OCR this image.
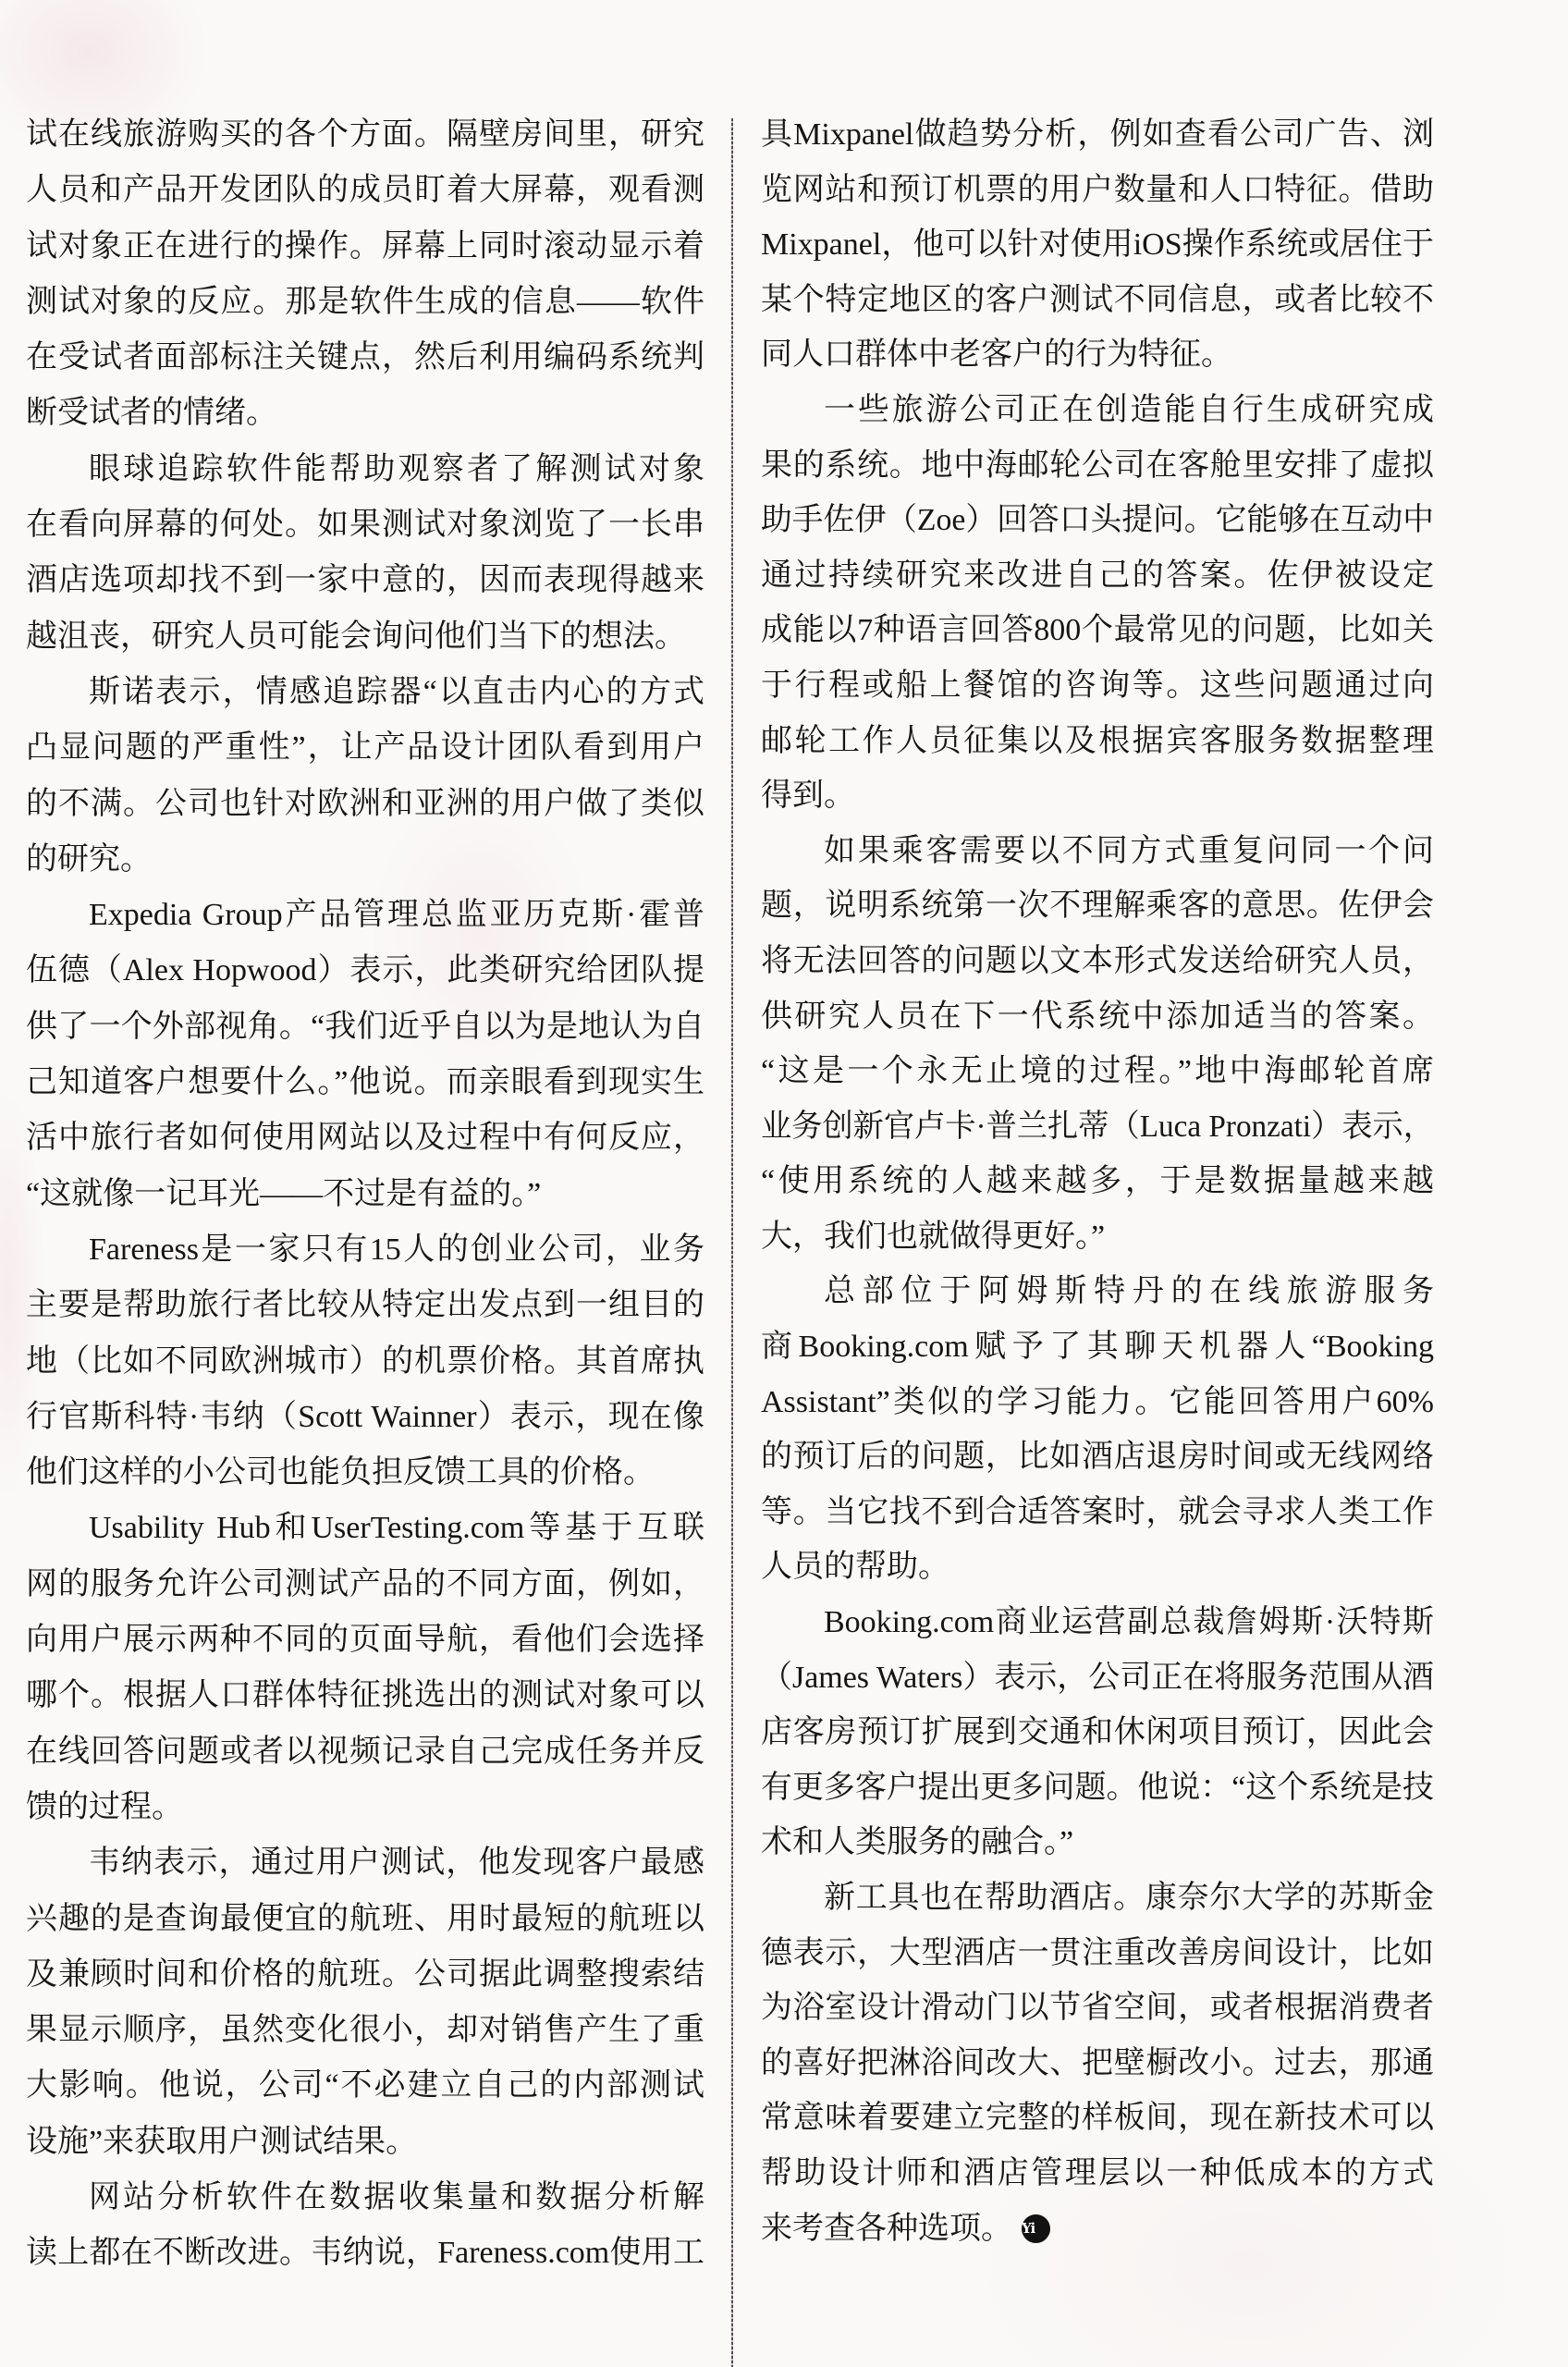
试在线旅游购买的各个方面。隔壁房间里，研究
人员和产品开发团队的成员盯着大屏幕，观看测
试对象正在进行的操作。屏幕上同时滚动显示着
测试对象的反应。那是软件生成的信息——软件
在受试者面部标注关键点，然后利用编码系统判
断受试者的情绪。
眼球追踪软件能帮助观察者了解测试对象
在看向屏幕的何处。如果测试对象浏览了一长串
酒店选项却找不到一家中意的，因而表现得越来
越沮丧，研究人员可能会询问他们当下的想法。
斯诺表示，情感追踪器“以直击内心的方式
凸显问题的严重性”，让产品设计团队看到用户
的不满。公司也针对欧洲和亚洲的用户做了类似
的研究。
Expedia Group产品管理总监亚历克斯·霍普
伍德（Alex Hopwood）表示，此类研究给团队提
供了一个外部视角。“我们近乎自以为是地认为自
己知道客户想要什么。”他说。而亲眼看到现实生
活中旅行者如何使用网站以及过程中有何反应，
“这就像一记耳光——不过是有益的。”
Fareness是一家只有15人的创业公司，业务
主要是帮助旅行者比较从特定出发点到一组目的
地（比如不同欧洲城市）的机票价格。其首席执
行官斯科特·韦纳（Scott Wainner）表示，现在像
他们这样的小公司也能负担反馈工具的价格。
Usability Hub和UserTesting.com等基于互联
网的服务允许公司测试产品的不同方面，例如，
向用户展示两种不同的页面导航，看他们会选择
哪个。根据人口群体特征挑选出的测试对象可以
在线回答问题或者以视频记录自己完成任务并反
馈的过程。
韦纳表示，通过用户测试，他发现客户最感
兴趣的是查询最便宜的航班、用时最短的航班以
及兼顾时间和价格的航班。公司据此调整搜索结
果显示顺序，虽然变化很小，却对销售产生了重
大影响。他说，公司“不必建立自己的内部测试
设施”来获取用户测试结果。
网站分析软件在数据收集量和数据分析解
读上都在不断改进。韦纳说，Fareness.com使用工
具Mixpanel做趋势分析，例如查看公司广告、浏
览网站和预订机票的用户数量和人口特征。借助
Mixpanel，他可以针对使用iOS操作系统或居住于
某个特定地区的客户测试不同信息，或者比较不
同人口群体中老客户的行为特征。
一些旅游公司正在创造能自行生成研究成
果的系统。地中海邮轮公司在客舱里安排了虚拟
助手佐伊（Zoe）回答口头提问。它能够在互动中
通过持续研究来改进自己的答案。佐伊被设定
成能以7种语言回答800个最常见的问题，比如关
于行程或船上餐馆的咨询等。这些问题通过向
邮轮工作人员征集以及根据宾客服务数据整理
得到。
如果乘客需要以不同方式重复问同一个问
题，说明系统第一次不理解乘客的意思。佐伊会
将无法回答的问题以文本形式发送给研究人员，
供研究人员在下一代系统中添加适当的答案。
“这是一个永无止境的过程。”地中海邮轮首席
业务创新官卢卡·普兰扎蒂（Luca Pronzati）表示，
“使用系统的人越来越多，于是数据量越来越
大，我们也就做得更好。”
总部位于阿姆斯特丹的在线旅游服务
商Booking.com赋予了其聊天机器人“Booking
Assistant”类似的学习能力。它能回答用户60%
的预订后的问题，比如酒店退房时间或无线网络
等。当它找不到合适答案时，就会寻求人类工作
人员的帮助。
Booking.com商业运营副总裁詹姆斯·沃特斯
（James Waters）表示，公司正在将服务范围从酒
店客房预订扩展到交通和休闲项目预订，因此会
有更多客户提出更多问题。他说：“这个系统是技
术和人类服务的融合。”
新工具也在帮助酒店。康奈尔大学的苏斯金
德表示，大型酒店一贯注重改善房间设计，比如
为浴室设计滑动门以节省空间，或者根据消费者
的喜好把淋浴间改大、把壁橱改小。过去，那通
常意味着要建立完整的样板间，现在新技术可以
帮助设计师和酒店管理层以一种低成本的方式
来考查各种选项。 Yi
